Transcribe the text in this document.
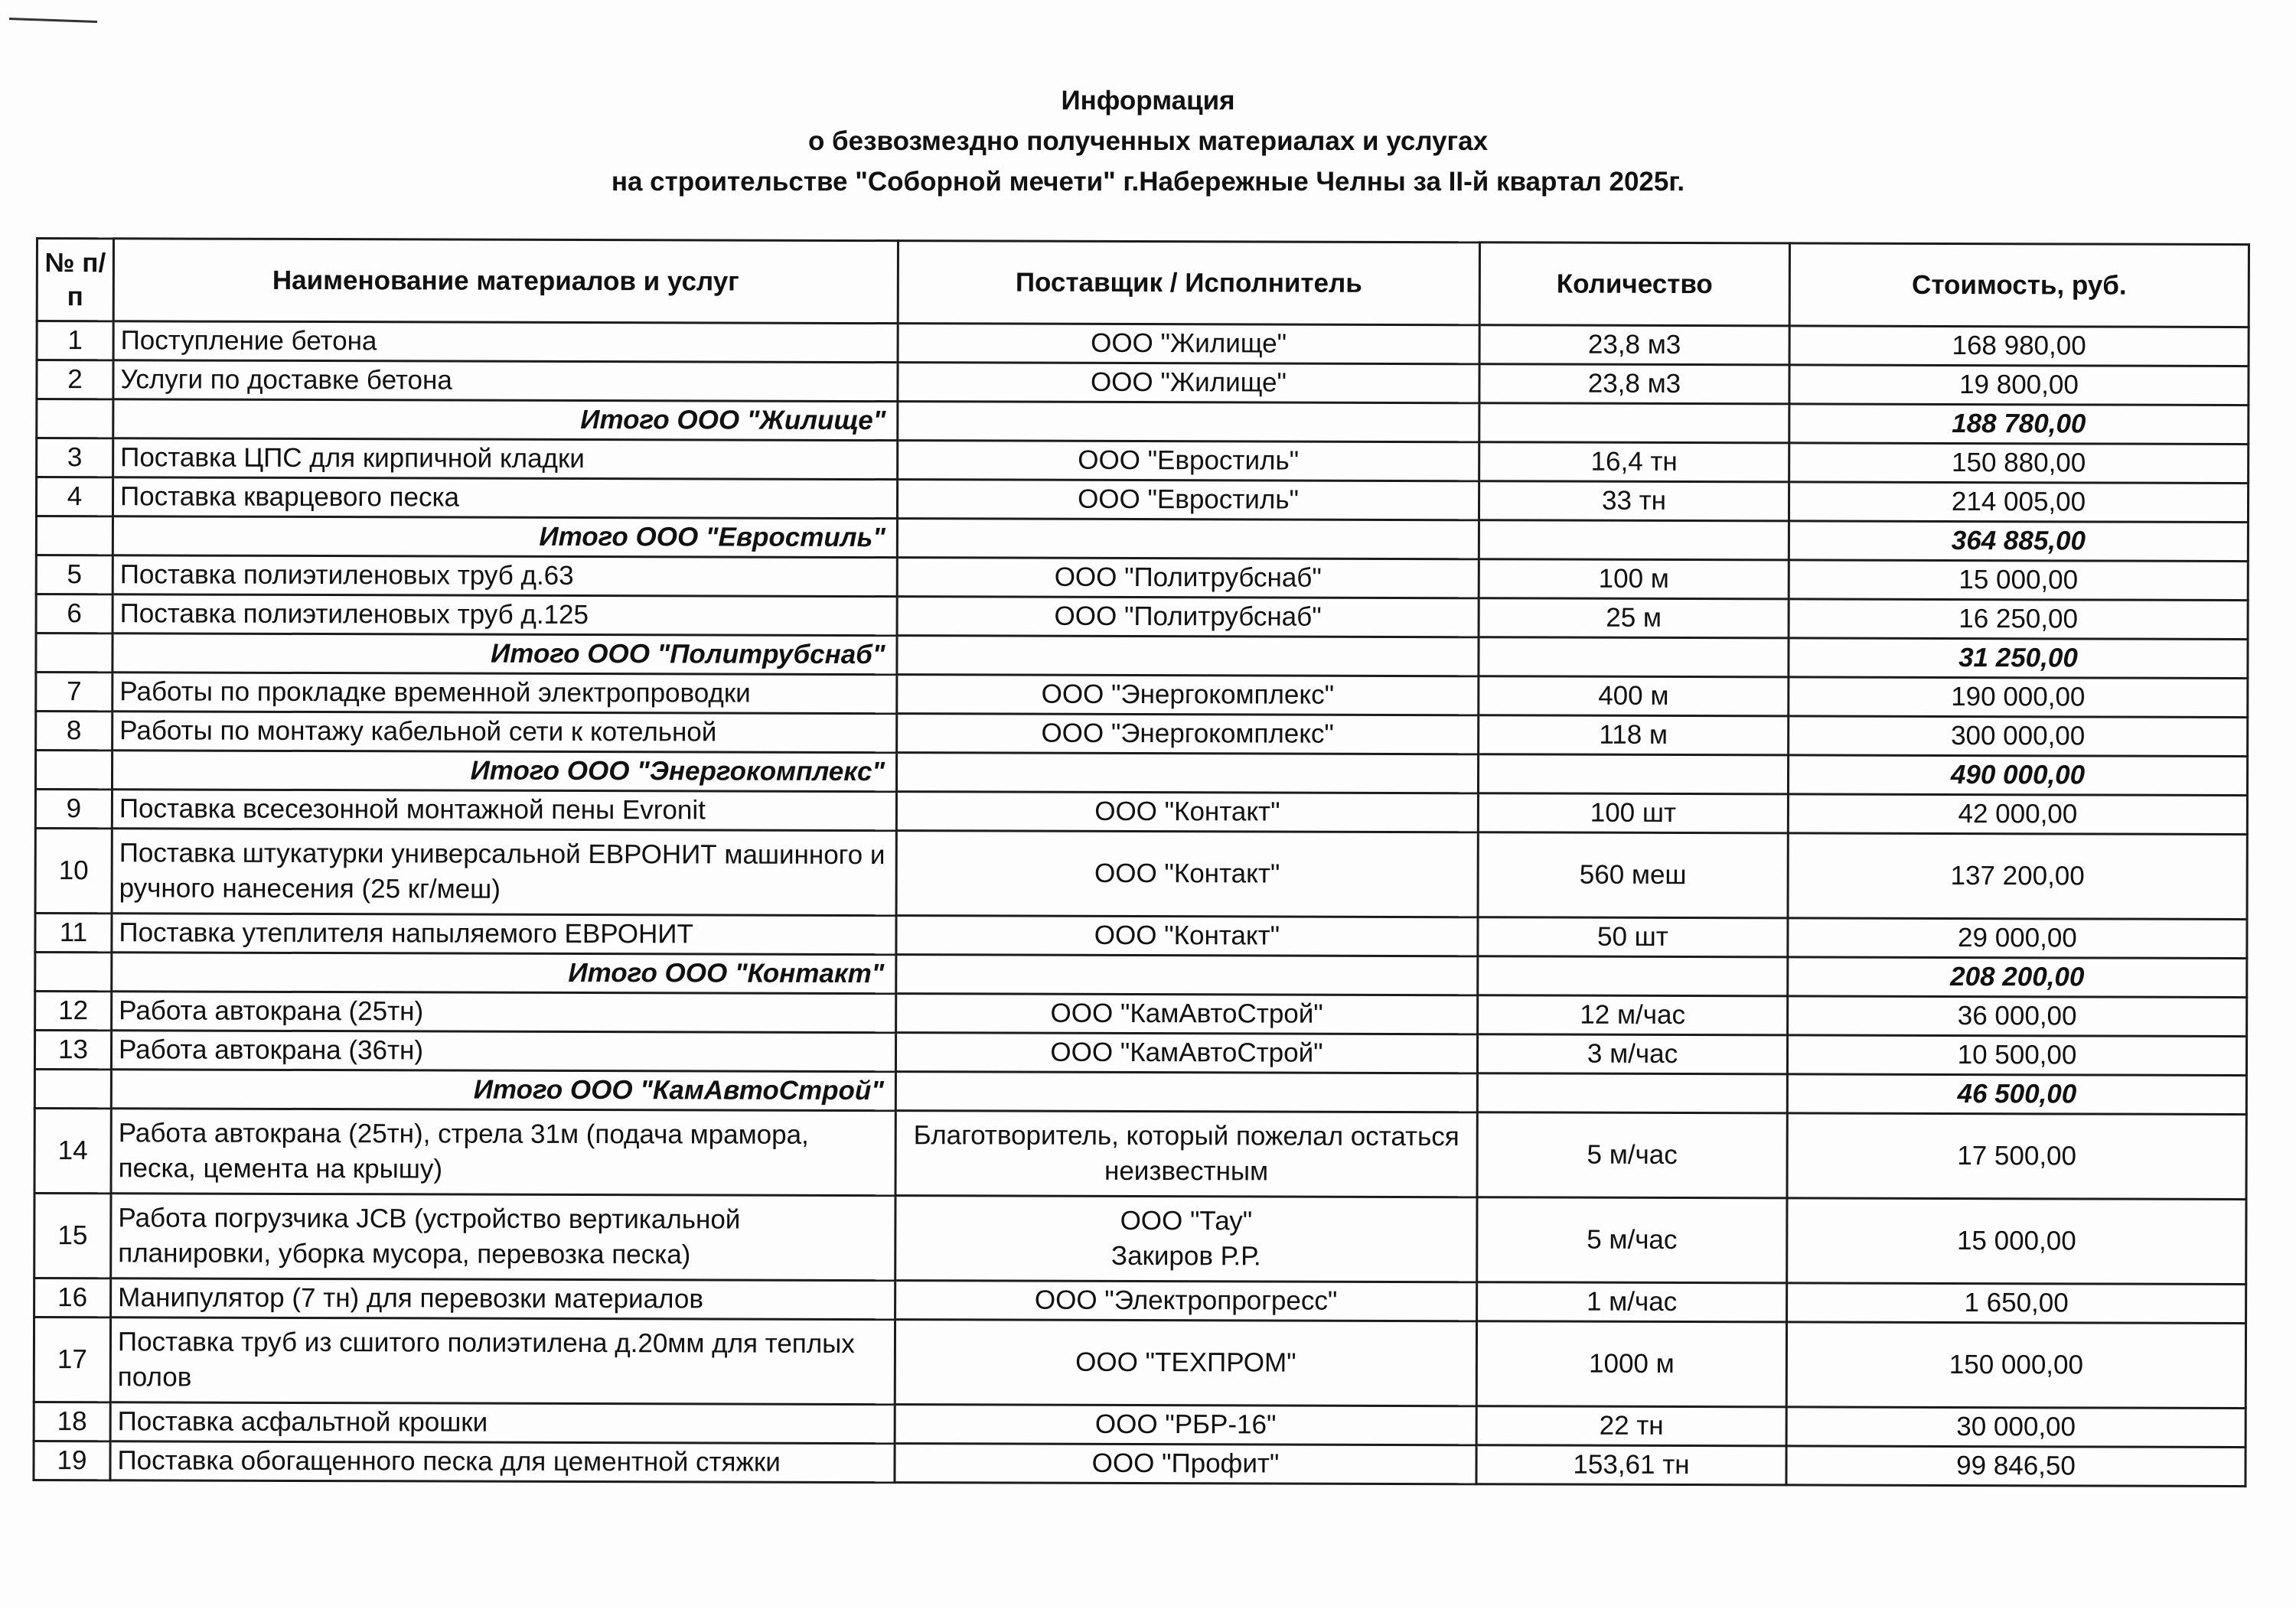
Информация
о безвозмездно полученных материалах и услугах
на строительстве "Соборной мечети" г.Набережные Челны за II-й квартал 2025г.
№ п/п	Наименование материалов и услуг	Поставщик / Исполнитель	Количество	Стоимость, руб.
1	Поступление бетона	ООО "Жилище"	23,8 м3	168 980,00
2	Услуги по доставке бетона	ООО "Жилище"	23,8 м3	19 800,00
	Итого ООО "Жилище"			188 780,00
3	Поставка ЦПС для кирпичной кладки	ООО "Евростиль"	16,4 тн	150 880,00
4	Поставка кварцевого песка	ООО "Евростиль"	33 тн	214 005,00
	Итого ООО "Евростиль"			364 885,00
5	Поставка полиэтиленовых труб д.63	ООО "Политрубснаб"	100 м	15 000,00
6	Поставка полиэтиленовых труб д.125	ООО "Политрубснаб"	25 м	16 250,00
	Итого ООО "Политрубснаб"			31 250,00
7	Работы по прокладке временной электропроводки	ООО "Энергокомплекс"	400 м	190 000,00
8	Работы по монтажу кабельной сети к котельной	ООО "Энергокомплекс"	118 м	300 000,00
	Итого ООО "Энергокомплекс"			490 000,00
9	Поставка всесезонной монтажной пены Evronit	ООО "Контакт"	100 шт	42 000,00
10	Поставка штукатурки универсальной ЕВРОНИТ машинного и ручного нанесения (25 кг/меш)	ООО "Контакт"	560 меш	137 200,00
11	Поставка утеплителя напыляемого ЕВРОНИТ	ООО "Контакт"	50 шт	29 000,00
	Итого ООО "Контакт"			208 200,00
12	Работа автокрана (25тн)	ООО "КамАвтоСтрой"	12 м/час	36 000,00
13	Работа автокрана (36тн)	ООО "КамАвтоСтрой"	3 м/час	10 500,00
	Итого ООО "КамАвтоСтрой"			46 500,00
14	Работа автокрана (25тн), стрела 31м (подача мрамора, песка, цемента на крышу)	Благотворитель, который пожелал остаться неизвестным	5 м/час	17 500,00
15	Работа погрузчика JCB (устройство вертикальной планировки, уборка мусора, перевозка песка)	ООО "Тау"
Закиров Р.Р.	5 м/час	15 000,00
16	Манипулятор (7 тн) для перевозки материалов	ООО "Электропрогресс"	1 м/час	1 650,00
17	Поставка труб из сшитого полиэтилена д.20мм для теплых полов	ООО "ТЕХПРОМ"	1000 м	150 000,00
18	Поставка асфальтной крошки	ООО "РБР-16"	22 тн	30 000,00
19	Поставка обогащенного песка для цементной стяжки	ООО "Профит"	153,61 тн	99 846,50
